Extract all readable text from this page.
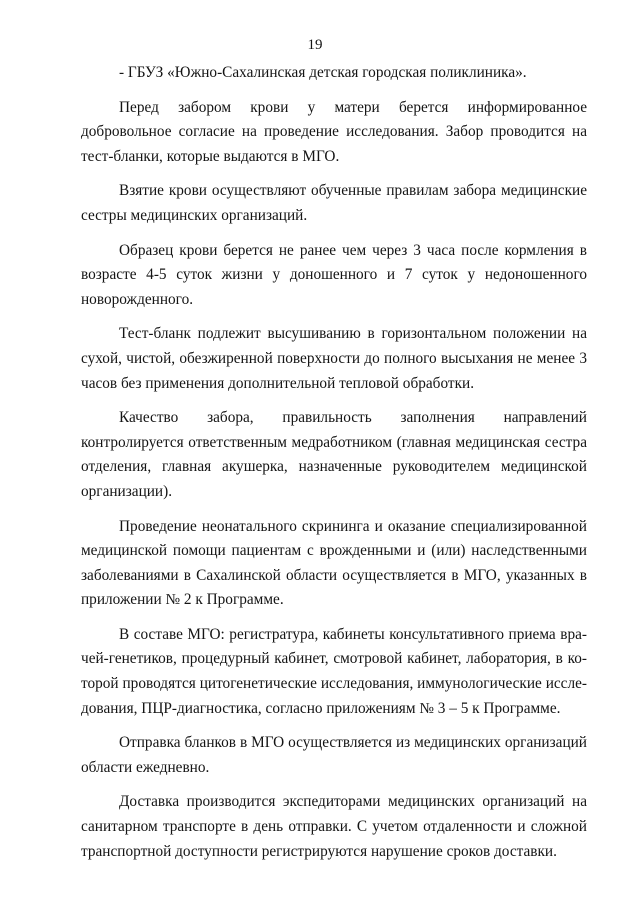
19

- ГБУЗ «Южно-Сахалинская детская городская поликлиника».

Перед забором крови у матери берется информированное добровольное согласие на проведение исследования. Забор проводится на тест-бланки, которые выдаются в МГО.

Взятие крови осуществляют обученные правилам забора медицинские сестры медицинских организаций.

Образец крови берется не ранее чем через 3 часа после кормления в возрасте 4-5 суток жизни у доношенного и 7 суток у недоношенного новорожденного.

Тест-бланк подлежит высушиванию в горизонтальном положении на сухой, чистой, обезжиренной поверхности до полного высыхания не менее 3 часов без применения дополнительной тепловой обработки.

Качество забора, правильность заполнения направлений контролируется ответственным медработником (главная медицинская сестра отделения, главная акушерка, назначенные руководителем медицинской организации).

Проведение неонатального скрининга и оказание специализированной медицинской помощи пациентам с врожденными и (или) наследственными заболеваниями в Сахалинской области осуществляется в МГО, указанных в приложении № 2 к Программе.

В составе МГО: регистратура, кабинеты консультативного приема врачей-генетиков, процедурный кабинет, смотровой кабинет, лаборатория, в которой проводятся цитогенетические исследования, иммунологические исследования, ПЦР-диагностика, согласно приложениям № 3 – 5 к Программе.

Отправка бланков в МГО осуществляется из медицинских организаций области ежедневно.

Доставка производится экспедиторами медицинских организаций на санитарном транспорте в день отправки. С учетом отдаленности и сложной транспортной доступности регистрируются нарушение сроков доставки.
